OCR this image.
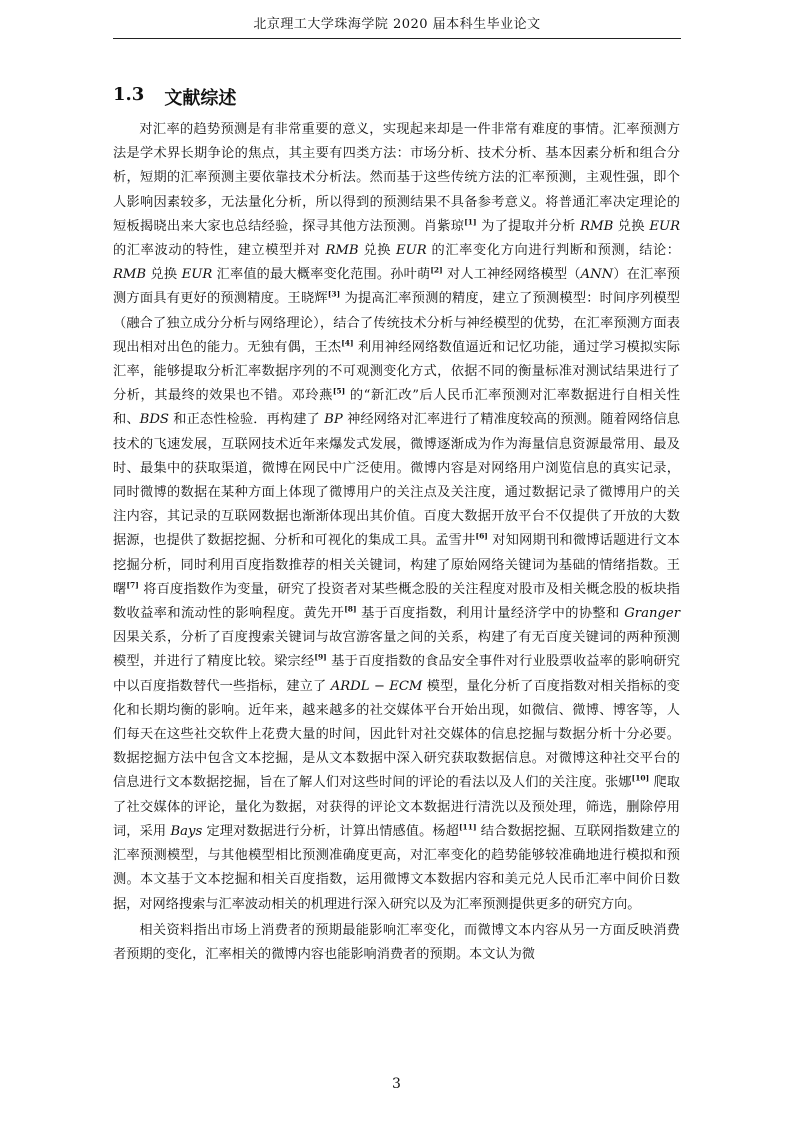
北京理工大学珠海学院 2020 届本科生毕业论文
1.3 文献综述

对汇率的趋势预测是有非常重要的意义，实现起来却是一件非常有难度的事情。汇率预测方法是学术界长期争论的焦点，其主要有四类方法：市场分析、技术分析、基本因素分析和组合分析，短期的汇率预测主要依靠技术分析法。然而基于这些传统方法的汇率预测，主观性强，即个人影响因素较多，无法量化分析，所以得到的预测结果不具备参考意义。将普通汇率决定理论的短板揭晓出来大家也总结经验，探寻其他方法预测。肖紫琼[1] 为了提取并分析 RMB 兑换 EUR 的汇率波动的特性，建立模型并对 RMB 兑换 EUR 的汇率变化方向进行判断和预测，结论：RMB 兑换 EUR 汇率值的最大概率变化范围。孙叶萌[2] 对人工神经网络模型（ANN）在汇率预测方面具有更好的预测精度。王晓辉[3] 为提高汇率预测的精度，建立了预测模型：时间序列模型（融合了独立成分分析与网络理论），结合了传统技术分析与神经模型的优势，在汇率预测方面表现出相对出色的能力。无独有偶，王杰[4] 利用神经网络数值逼近和记忆功能，通过学习模拟实际汇率，能够提取分析汇率数据序列的不可观测变化方式，依据不同的衡量标准对测试结果进行了分析，其最终的效果也不错。邓玲燕[5] 的“新汇改”后人民币汇率预测对汇率数据进行自相关性和、BDS 和正态性检验．再构建了 BP 神经网络对汇率进行了精准度较高的预测。随着网络信息技术的飞速发展，互联网技术近年来爆发式发展，微博逐渐成为作为海量信息资源最常用、最及时、最集中的获取渠道，微博在网民中广泛使用。微博内容是对网络用户浏览信息的真实记录，同时微博的数据在某种方面上体现了微博用户的关注点及关注度，通过数据记录了微博用户的关注内容，其记录的互联网数据也渐渐体现出其价值。百度大数据开放平台不仅提供了开放的大数据源，也提供了数据挖掘、分析和可视化的集成工具。孟雪井[6] 对知网期刊和微博话题进行文本挖掘分析，同时利用百度指数推荐的相关关键词，构建了原始网络关键词为基础的情绪指数。王曙[7] 将百度指数作为变量，研究了投资者对某些概念股的关注程度对股市及相关概念股的板块指数收益率和流动性的影响程度。黄先开[8] 基于百度指数，利用计量经济学中的协整和 Granger 因果关系，分析了百度搜索关键词与故宫游客量之间的关系，构建了有无百度关键词的两种预测模型，并进行了精度比较。梁宗经[9] 基于百度指数的食品安全事件对行业股票收益率的影响研究中以百度指数替代一些指标，建立了 ARDL − ECM 模型，量化分析了百度指数对相关指标的变化和长期均衡的影响。近年来，越来越多的社交媒体平台开始出现，如微信、微博、博客等，人们每天在这些社交软件上花费大量的时间，因此针对社交媒体的信息挖掘与数据分析十分必要。数据挖掘方法中包含文本挖掘，是从文本数据中深入研究获取数据信息。对微博这种社交平台的信息进行文本数据挖掘，旨在了解人们对这些时间的评论的看法以及人们的关注度。张娜[10] 爬取了社交媒体的评论，量化为数据，对获得的评论文本数据进行清洗以及预处理，筛选，删除停用词，采用 Bays 定理对数据进行分析，计算出情感值。杨超[11] 结合数据挖掘、互联网指数建立的汇率预测模型，与其他模型相比预测准确度更高，对汇率变化的趋势能够较准确地进行模拟和预测。本文基于文本挖掘和相关百度指数，运用微博文本数据内容和美元兑人民币汇率中间价日数据，对网络搜索与汇率波动相关的机理进行深入研究以及为汇率预测提供更多的研究方向。

相关资料指出市场上消费者的预期最能影响汇率变化，而微博文本内容从另一方面反映消费者预期的变化，汇率相关的微博内容也能影响消费者的预期。本文认为微

3
